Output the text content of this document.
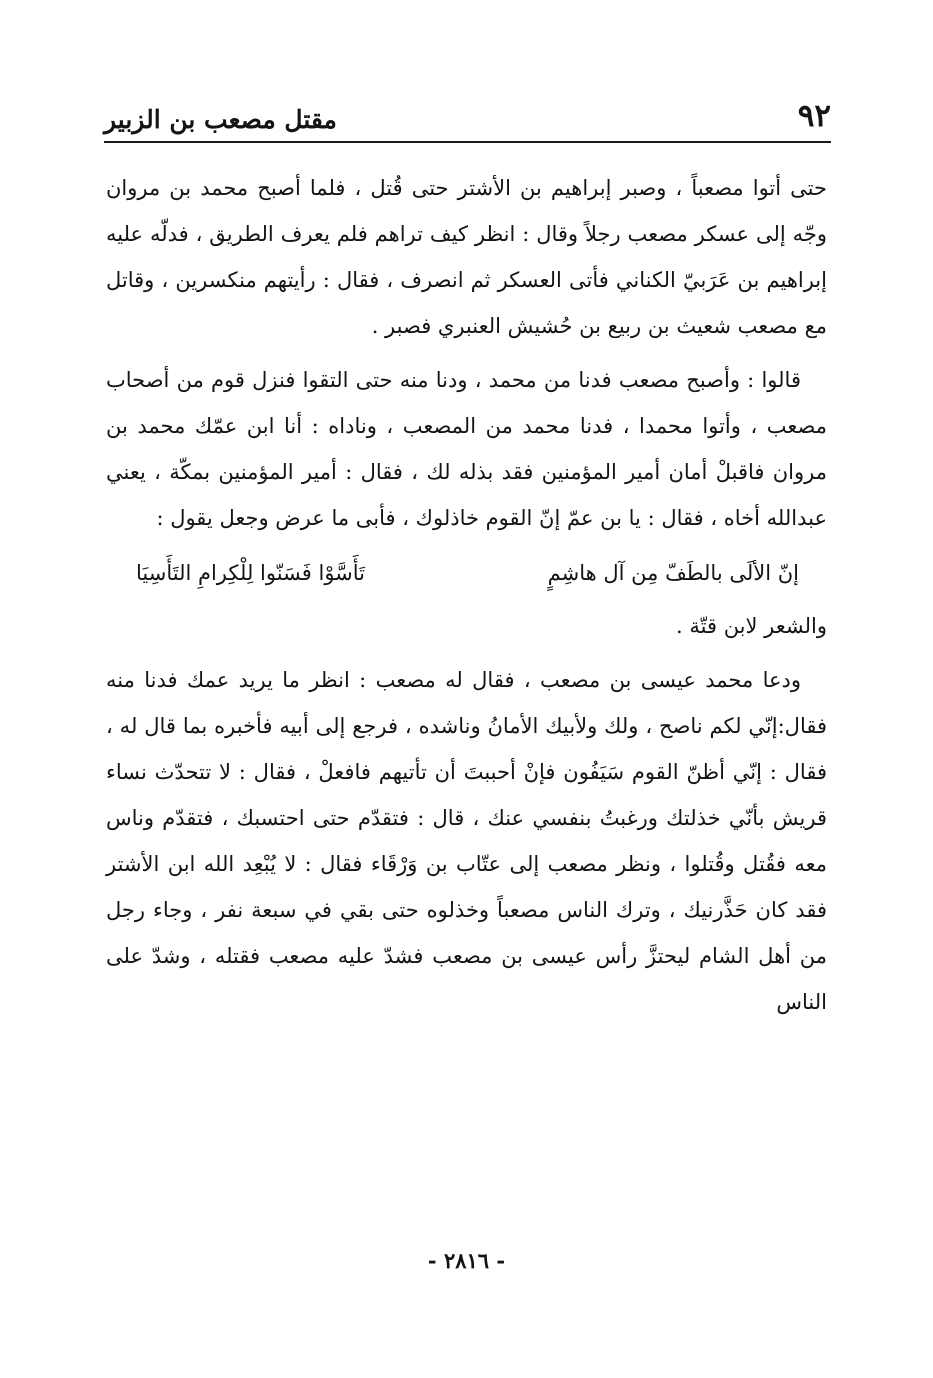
٩٢
مقتل مصعب بن الزبير

حتى أتوا مصعباً ، وصبر إبراهيم بن الأشتر حتى قُتل ، فلما أصبح محمد بن مروان وجّه إلى عسكر مصعب رجلاً وقال : انظر كيف تراهم فلم يعرف الطريق ، فدلّه عليه إبراهيم بن عَرَبيّ الكناني فأتى العسكر ثم انصرف ، فقال : رأيتهم منكسرين ، وقاتل مع مصعب شعيث بن ربيع بن حُشيش العنبري فصبر .

قالوا : وأصبح مصعب فدنا من محمد ، ودنا منه حتى التقوا فنزل قوم من أصحاب مصعب ، وأتوا محمدا ، فدنا محمد من المصعب ، وناداه : أنا ابن عمّك محمد بن مروان فاقبلْ أمان أمير المؤمنين فقد بذله لك ، فقال : أمير المؤمنين بمكّة ، يعني عبدالله أخاه ، فقال : يا بن عمّ إنّ القوم خاذلوك ، فأبى ما عرض وجعل يقول :

إنّ الألَى بالطَفّ مِن آل هاشِمٍ
تَأَسَّوْا فَسَنّوا لِلْكِرامِ التَأَسِيَا

والشعر لابن قتّة .

ودعا محمد عيسى بن مصعب ، فقال له مصعب : انظر ما يريد عمك فدنا منه فقال:إنّي لكم ناصح ، ولك ولأبيك الأمانُ وناشده ، فرجع إلى أبيه فأخبره بما قال له ، فقال : إنّي أظنّ القوم سَيَفُون فإنْ أحببتَ أن تأتيهم فافعلْ ، فقال : لا تتحدّث نساء قريش بأنّي خذلتك ورغبتُ بنفسي عنك ، قال : فتقدّم حتى احتسبك ، فتقدّم وناس معه فقُتل وقُتلوا ، ونظر مصعب إلى عتّاب بن وَرْقَاء فقال : لا يُبْعِد الله ابن الأشتر فقد كان حَذَّرنيك ، وترك الناس مصعباً وخذلوه حتى بقي في سبعة نفر ، وجاء رجل من أهل الشام ليحتزَّ رأس عيسى بن مصعب فشدّ عليه مصعب فقتله ، وشدّ على الناس

- ٢٨١٦ -
